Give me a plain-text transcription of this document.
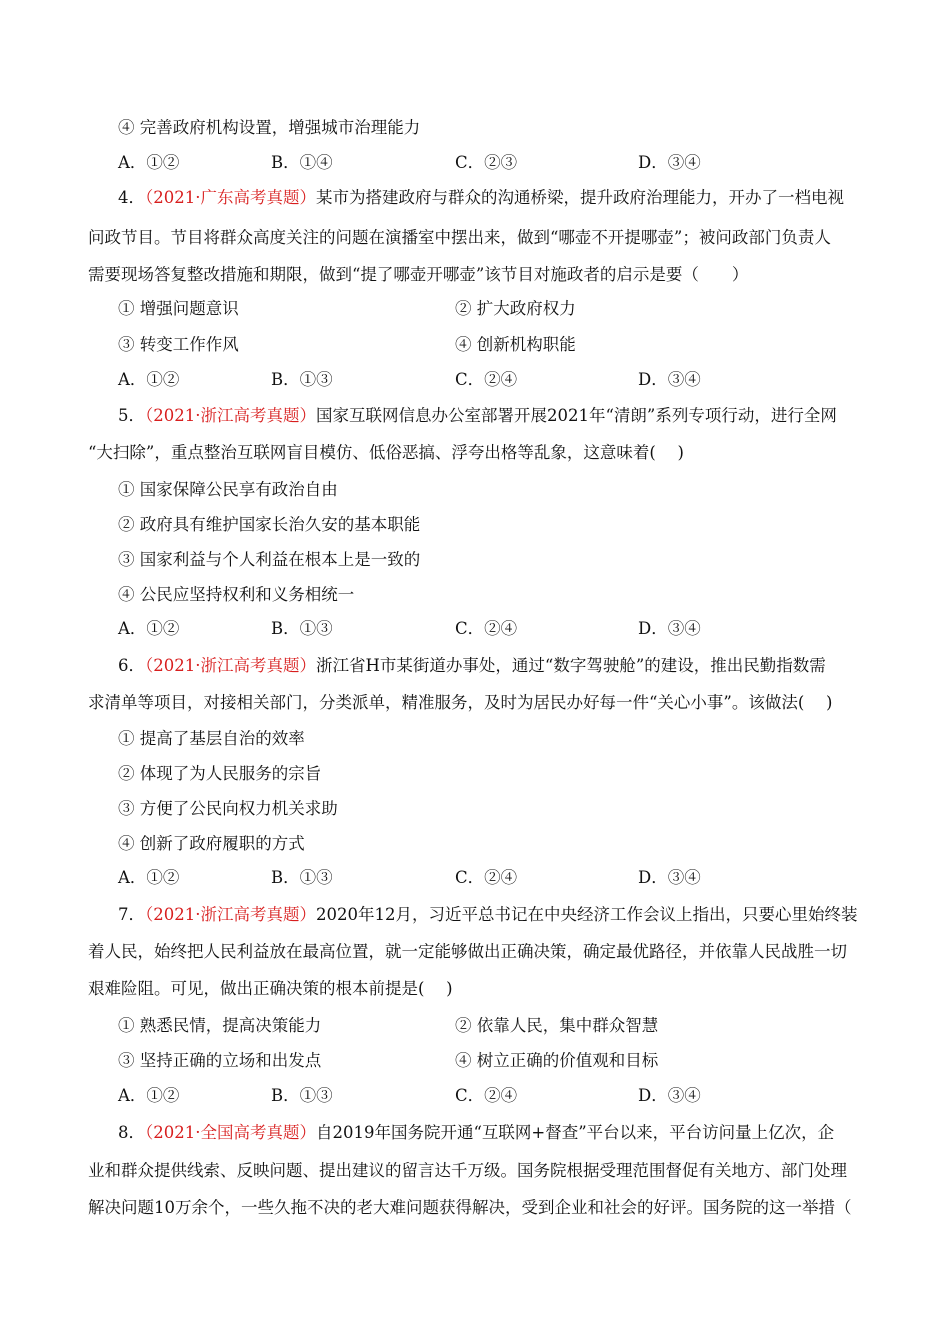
④ 完善政府机构设置，增强城市治理能力
A．①②	B．①④	C．②③	D．③④
4．（2021·广东高考真题）某市为搭建政府与群众的沟通桥梁，提升政府治理能力，开办了一档电视
问政节目。节目将群众高度关注的问题在演播室中摆出来，做到“哪壶不开提哪壶”；被问政部门负责人
需要现场答复整改措施和期限，做到“提了哪壶开哪壶”该节目对施政者的启示是要（　　）
① 增强问题意识	② 扩大政府权力
③ 转变工作作风	④ 创新机构职能
A．①②	B．①③	C．②④	D．③④
5．（2021·浙江高考真题）国家互联网信息办公室部署开展2021年“清朗”系列专项行动，进行全网
“大扫除”，重点整治互联网盲目模仿、低俗恶搞、浮夸出格等乱象，这意味着(　 )
① 国家保障公民享有政治自由
② 政府具有维护国家长治久安的基本职能
③ 国家利益与个人利益在根本上是一致的
④ 公民应坚持权利和义务相统一
A．①②	B．①③	C．②④	D．③④
6．（2021·浙江高考真题）浙江省H市某街道办事处，通过“数字驾驶舱”的建设，推出民勤指数需
求清单等项目，对接相关部门，分类派单，精准服务，及时为居民办好每一件“关心小事”。该做法(　 )
① 提高了基层自治的效率
② 体现了为人民服务的宗旨
③ 方便了公民向权力机关求助
④ 创新了政府履职的方式
A．①②	B．①③	C．②④	D．③④
7．（2021·浙江高考真题）2020年12月，习近平总书记在中央经济工作会议上指出，只要心里始终装
着人民，始终把人民利益放在最高位置，就一定能够做出正确决策，确定最优路径，并依靠人民战胜一切
艰难险阻。可见，做出正确决策的根本前提是(　 )
① 熟悉民情，提高决策能力	② 依靠人民，集中群众智慧
③ 坚持正确的立场和出发点	④ 树立正确的价值观和目标
A．①②	B．①③	C．②④	D．③④
8．（2021·全国高考真题）自2019年国务院开通“互联网+督查”平台以来，平台访问量上亿次，企
业和群众提供线索、反映问题、提出建议的留言达千万级。国务院根据受理范围督促有关地方、部门处理
解决问题10万余个，一些久拖不决的老大难问题获得解决，受到企业和社会的好评。国务院的这一举措（
